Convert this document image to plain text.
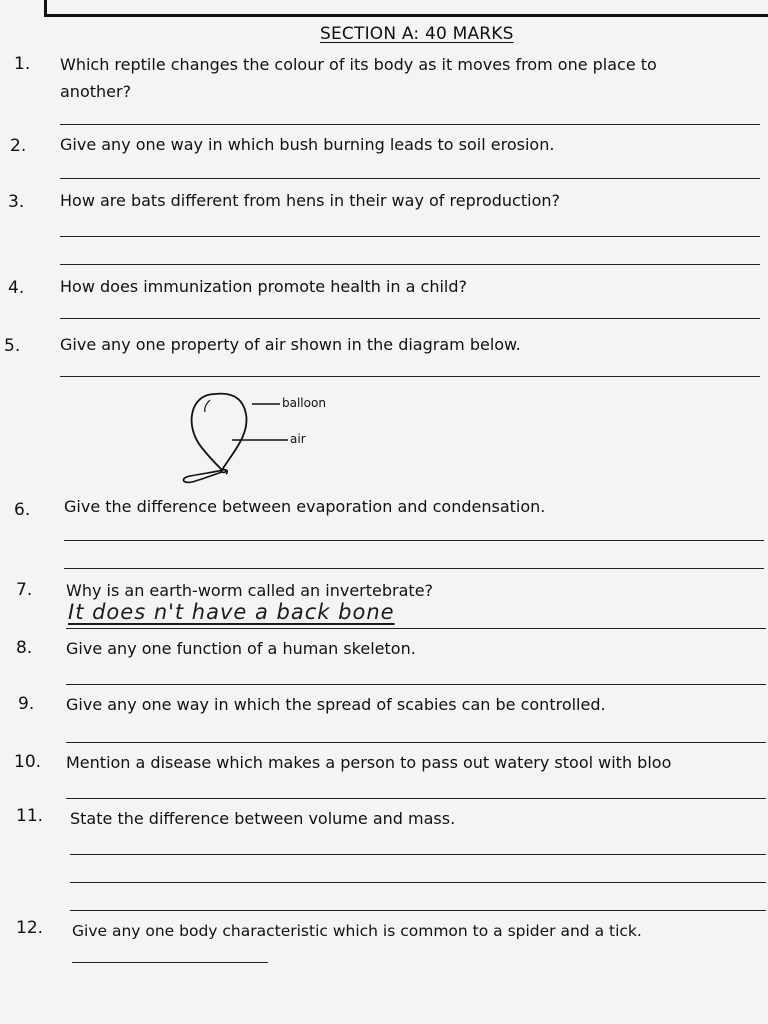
SECTION A: 40 MARKS
1. Which reptile changes the colour of its body as it moves from one place to
another?
2. Give any one way in which bush burning leads to soil erosion.
3. How are bats different from hens in their way of reproduction?
4. How does immunization promote health in a child?
5. Give any one property of air shown in the diagram below.
balloon
air
6. Give the difference between evaporation and condensation.
7. Why is an earth-worm called an invertebrate?
It does n't have a back bone
8. Give any one function of a human skeleton.
9. Give any one way in which the spread of scabies can be controlled.
10. Mention a disease which makes a person to pass out watery stool with bloo
11. State the difference between volume and mass.
12. Give any one body characteristic which is common to a spider and a tick.
